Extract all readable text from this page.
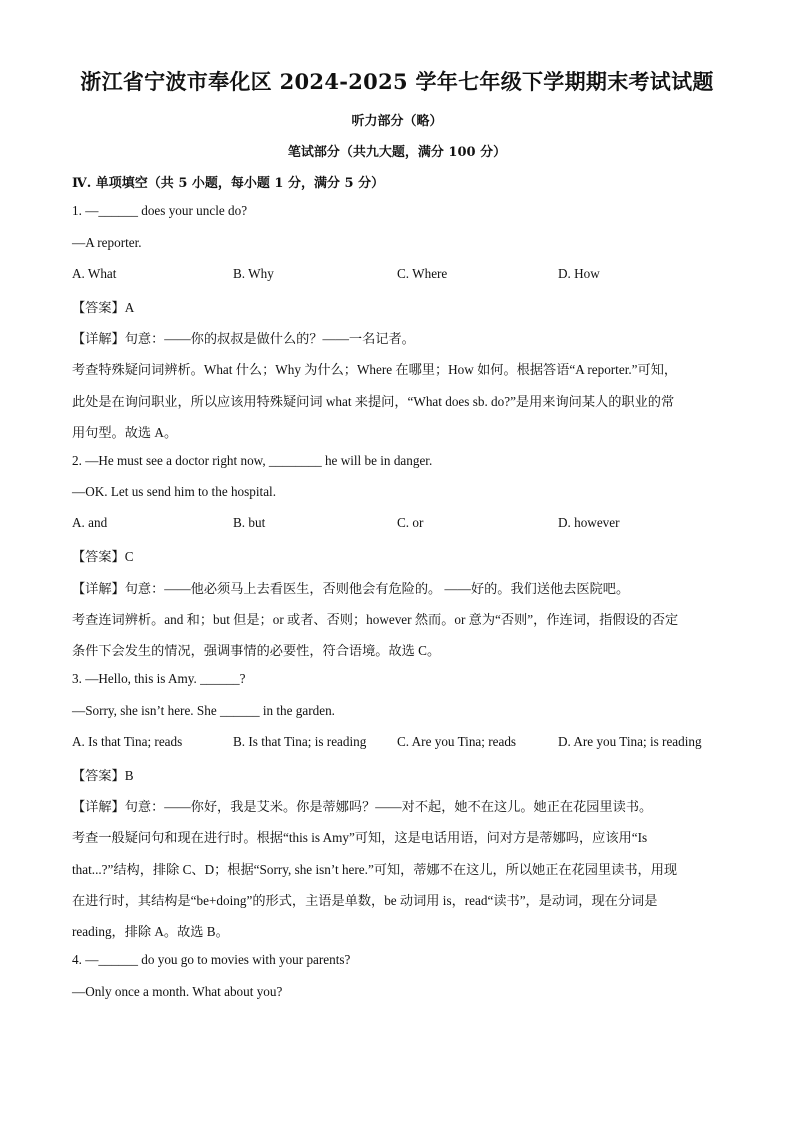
浙江省宁波市奉化区 2024-2025 学年七年级下学期期末考试试题
听力部分（略）
笔试部分（共九大题，满分 100 分）
Ⅳ. 单项填空（共 5 小题，每小题 1 分，满分 5 分）
1. —______ does your uncle do?
—A reporter.
A. What	B. Why	C. Where	D. How
【答案】A
【详解】句意：——你的叔叔是做什么的？——一名记者。
考查特殊疑问词辨析。What 什么；Why 为什么；Where 在哪里；How 如何。根据答语“A reporter.”可知，
此处是在询问职业，所以应该用特殊疑问词 what 来提问，“What does sb. do?”是用来询问某人的职业的常
用句型。故选 A。
2. —He must see a doctor right now, ________ he will be in danger.
—OK. Let us send him to the hospital.
A. and	B. but	C. or	D. however
【答案】C
【详解】句意：——他必须马上去看医生，否则他会有危险的。 ——好的。我们送他去医院吧。
考查连词辨析。and 和；but 但是；or 或者、否则；however 然而。or 意为“否则”，作连词，指假设的否定
条件下会发生的情况，强调事情的必要性，符合语境。故选 C。
3. —Hello, this is Amy. ______?
—Sorry, she isn’t here. She ______ in the garden.
A. Is that Tina; reads	B. Is that Tina; is reading C. Are you Tina; reads	D. Are you Tina; is reading
【答案】B
【详解】句意：——你好，我是艾米。你是蒂娜吗？——对不起，她不在这儿。她正在花园里读书。
考查一般疑问句和现在进行时。根据“this is Amy”可知，这是电话用语，问对方是蒂娜吗，应该用“Is
that...?”结构，排除 C、D；根据“Sorry, she isn’t here.”可知，蒂娜不在这儿，所以她正在花园里读书，用现
在进行时，其结构是“be+doing”的形式，主语是单数，be 动词用 is，read“读书”，是动词，现在分词是
reading，排除 A。故选 B。
4. —______ do you go to movies with your parents?
—Only once a month. What about you?
